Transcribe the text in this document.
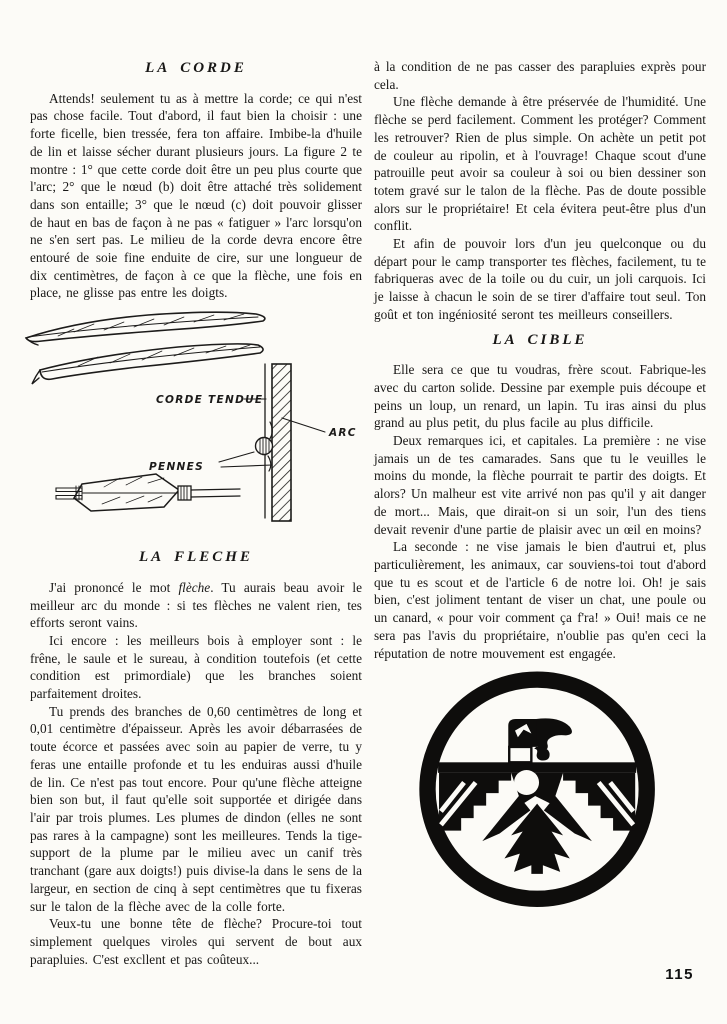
LA CORDE

Attends! seulement tu as à mettre la corde; ce qui n'est pas chose facile. Tout d'abord, il faut bien la choisir : une forte ficelle, bien tressée, fera ton affaire. Imbibe-la d'huile de lin et laisse sécher durant plusieurs jours. La figure 2 te montre : 1° que cette corde doit être un peu plus courte que l'arc; 2° que le nœud (b) doit être attaché très solidement dans son entaille; 3° que le nœud (c) doit pouvoir glisser de haut en bas de façon à ne pas « fatiguer » l'arc lorsqu'on ne s'en sert pas. Le milieu de la corde devra encore être entouré de soie fine enduite de cire, sur une longueur de dix centimètres, de façon à ce que la flèche, une fois en place, ne glisse pas entre les doigts.

CORDE TENDUE
ARC
PENNES
LA FLECHE

J'ai prononcé le mot flèche. Tu aurais beau avoir le meilleur arc du monde : si tes flèches ne valent rien, tes efforts seront vains.

Ici encore : les meilleurs bois à employer sont : le frêne, le saule et le sureau, à condition toutefois (et cette condition est primordiale) que les branches soient parfaitement droites.

Tu prends des branches de 0,60 centimètres de long et 0,01 centimètre d'épaisseur. Après les avoir débarrasées de toute écorce et passées avec soin au papier de verre, tu y feras une entaille profonde et tu les enduiras aussi d'huile de lin. Ce n'est pas tout encore. Pour qu'une flèche atteigne bien son but, il faut qu'elle soit supportée et dirigée dans l'air par trois plumes. Les plumes de dindon (elles ne sont pas rares à la campagne) sont les meilleures. Tends la tige-support de la plume par le milieu avec un canif très tranchant (gare aux doigts!) puis divise-la dans le sens de la largeur, en section de cinq à sept centimètres que tu fixeras sur le talon de la flèche avec de la colle forte.

Veux-tu une bonne tête de flèche? Procure-toi tout simplement quelques viroles qui servent de bout aux parapluies. C'est excllent et pas coûteux...

à la condition de ne pas casser des parapluies exprès pour cela.

Une flèche demande à être préservée de l'humidité. Une flèche se perd facilement. Comment les protéger? Comment les retrouver? Rien de plus simple. On achète un petit pot de couleur au ripolin, et à l'ouvrage! Chaque scout d'une patrouille peut avoir sa couleur à soi ou bien dessiner son totem gravé sur le talon de la flèche. Pas de doute possible alors sur le propriétaire! Et cela évitera peut-être plus d'un conflit.

Et afin de pouvoir lors d'un jeu quelconque ou du départ pour le camp transporter tes flèches, facilement, tu te fabriqueras avec de la toile ou du cuir, un joli carquois. Ici je laisse à chacun le soin de se tirer d'affaire tout seul. Ton goût et ton ingéniosité seront tes meilleurs conseillers.

LA CIBLE

Elle sera ce que tu voudras, frère scout. Fabrique-les avec du carton solide. Dessine par exemple puis découpe et peins un loup, un renard, un lapin. Tu iras ainsi du plus grand au plus petit, du plus facile au plus difficile.

Deux remarques ici, et capitales. La première : ne vise jamais un de tes camarades. Sans que tu le veuilles le moins du monde, la flèche pourrait te partir des doigts. Et alors? Un malheur est vite arrivé non pas qu'il y ait danger de mort... Mais, que dirait-on si un soir, l'un des tiens devait revenir d'une partie de plaisir avec un œil en moins?

La seconde : ne vise jamais le bien d'autrui et, plus particulièrement, les animaux, car souviens-toi tout d'abord que tu es scout et de l'article 6 de notre loi. Oh! je sais bien, c'est joliment tentant de viser un chat, une poule ou un canard, « pour voir comment ça f'ra! » Oui! mais ce ne sera pas l'avis du propriétaire, n'oublie pas qu'en ceci la réputation de notre mouvement est engagée.

115
